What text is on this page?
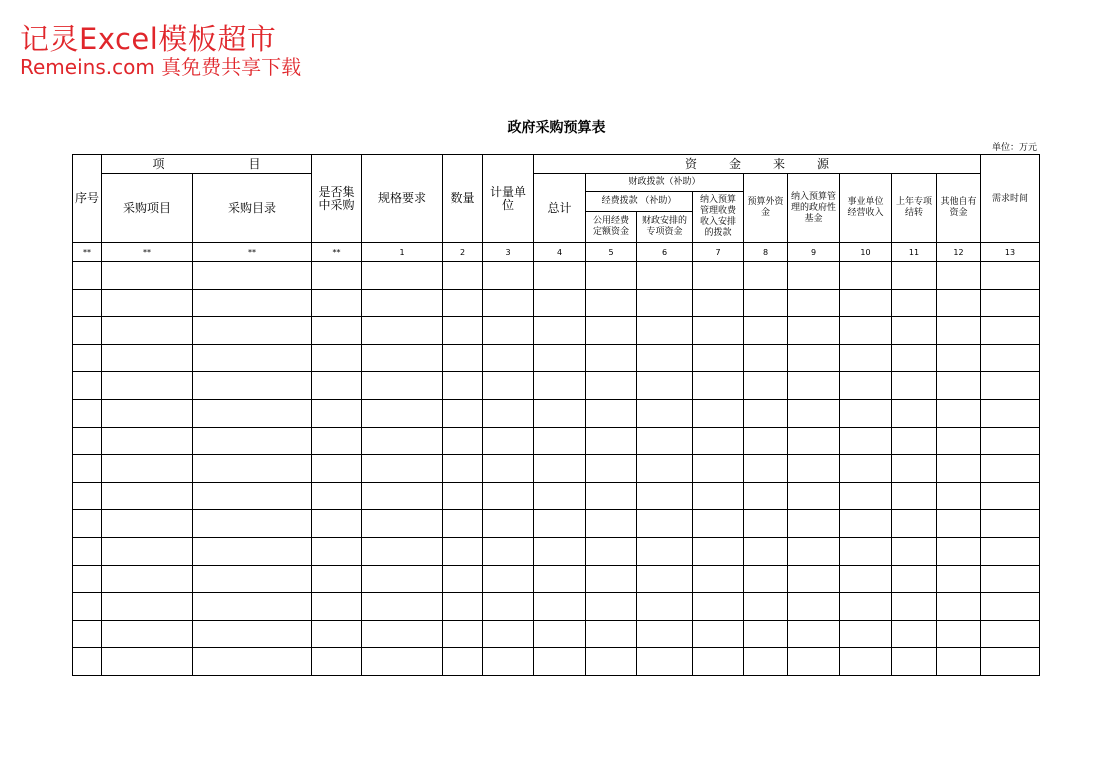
记灵Excel模板超市
Remeins.com 真免费共享下载
政府采购预算表
单位：万元
序号	项 目		是否集中采购	规格要求	数量	计量单位	资 金 来 源									需求时间
	采购项目	采购目录					总计	财政拨款（补助）			预算外资金	纳入预算管理的政府性基金	事业单位经营收入	上年专项结转	其他自有资金	
								经费拨款 （补助）		纳入预算管理收费收入安排的拨款						
								公用经费定额资金	财政安排的专项资金							
**	**	**	**	1	2	3	4	5	6	7	8	9	10	11	12	13
